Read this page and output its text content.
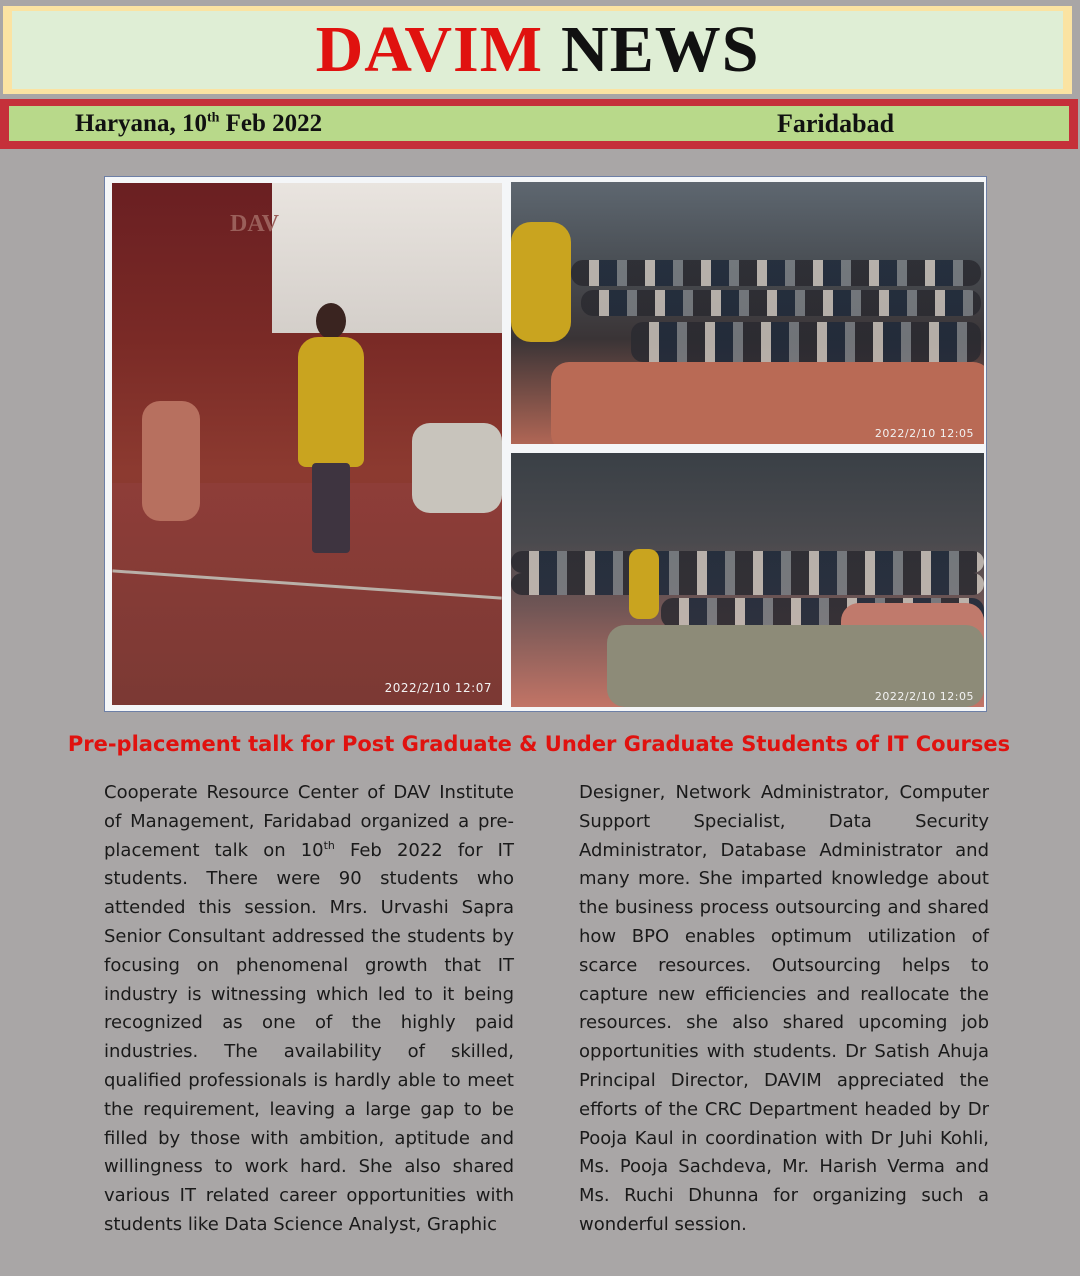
DAVIM NEWS
Haryana, 10th Feb 2022	Faridabad
DAV
2022/2/10 12:07
2022/2/10 12:05
2022/2/10 12:05
Pre-placement talk for Post Graduate & Under Graduate Students of IT Courses
Cooperate Resource Center of DAV Institute of Management, Faridabad organized a pre-placement talk on 10th Feb 2022 for IT students. There were 90 students who attended this session. Mrs. Urvashi Sapra Senior Consultant addressed the students by focusing on phenomenal growth that IT industry is witnessing which led to it being recognized as one of the highly paid industries. The availability of skilled, qualified professionals is hardly able to meet the requirement, leaving a large gap to be filled by those with ambition, aptitude and willingness to work hard. She also shared various IT related career opportunities with students like Data Science Analyst, Graphic
Designer, Network Administrator, Computer Support Specialist, Data Security Administrator, Database Administrator and many more. She imparted knowledge about the business process outsourcing and shared how BPO enables optimum utilization of scarce resources. Outsourcing helps to capture new efficiencies and reallocate the resources. she also shared upcoming job opportunities with students. Dr Satish Ahuja Principal Director, DAVIM appreciated the efforts of the CRC Department headed by Dr Pooja Kaul in coordination with Dr Juhi Kohli, Ms. Pooja Sachdeva, Mr. Harish Verma and Ms. Ruchi Dhunna for organizing such a wonderful session.
